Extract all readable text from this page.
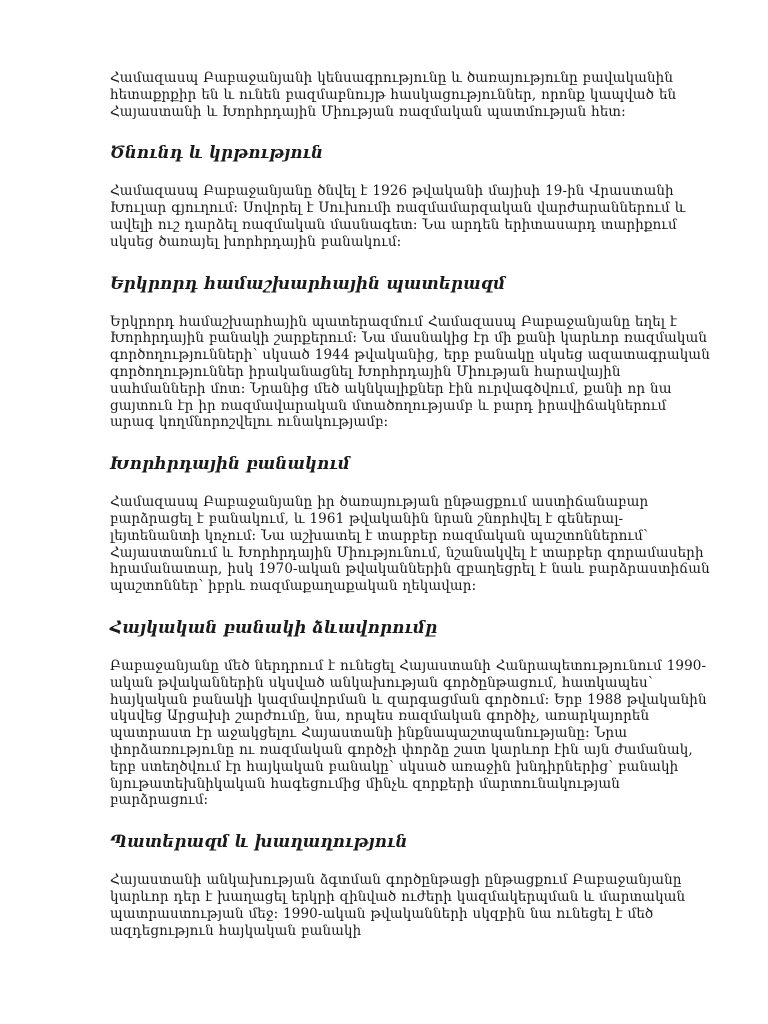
Համազասպ Բաբաջանյանի կենսագրությունը և ծառայությունը բավականին հետաքրքիր են և ունեն բազմաբնույթ հասկացություններ, որոնք կապված են Հայաստանի և Խորհրդային Միության ռազմական պատմության հետ:

Ծնունդ և կրթություն

Համազասպ Բաբաջանյանը ծնվել է 1926 թվականի մայիսի 19-ին Վրաստանի Խուլար գյուղում: Սովորել է Սուխումի ռազմամարզական վարժարաններում և ավելի ուշ դարձել ռազմական մասնագետ: Նա արդեն երիտասարդ տարիքում սկսեց ծառայել խորհրդային բանակում:

Երկրորդ համաշխարհային պատերազմ

Երկրորդ համաշխարհային պատերազմում Համազասպ Բաբաջանյանը եղել է Խորհրդային բանակի շարքերում: Նա մասնակից էր մի քանի կարևոր ռազմական գործողությունների՝ սկսած 1944 թվականից, երբ բանակը սկսեց ազատագրական գործողություններ իրականացնել Խորհրդային Միության հարավային սահմանների մոտ: Նրանից մեծ ակնկալիքներ էին ուրվագծվում, քանի որ նա ցայտուն էր իր ռազմավարական մտածողությամբ և բարդ իրավիճակներում արագ կողմնորոշվելու ունակությամբ:

Խորհրդային բանակում

Համազասպ Բաբաջանյանը իր ծառայության ընթացքում աստիճանաբար բարձրացել է բանակում, և 1961 թվականին նրան շնորհվել է գեներալ-լեյտենանտի կոչում: Նա աշխատել է տարբեր ռազմական պաշտոններում՝ Հայաստանում և Խորհրդային Միությունում, նշանակվել է տարբեր զորամասերի հրամանատար, իսկ 1970-ական թվականներին զբաղեցրել է նաև բարձրաստիճան պաշտոններ՝ իբրև ռազմաքաղաքական ղեկավար:

Հայկական բանակի ձևավորումը

Բաբաջանյանը մեծ ներդրում է ունեցել Հայաստանի Հանրապետությունում 1990-ական թվականներին սկսված անկախության գործընթացում, հատկապես՝ հայկական բանակի կազմավորման և զարգացման գործում: Երբ 1988 թվականին սկսվեց Արցախի շարժումը, նա, որպես ռազմական գործիչ, առարկայորեն պատրաստ էր աջակցելու Հայաստանի ինքնապաշտպանությանը: Նրա փորձառությունը ու ռազմական գործչի փորձը շատ կարևոր էին այն ժամանակ, երբ ստեղծվում էր հայկական բանակը՝ սկսած առաջին խնդիրներից՝ բանակի նյութատեխնիկական հագեցումից մինչև զորքերի մարտունակության բարձրացում:

Պատերազմ և խաղաղություն

Հայաստանի անկախության ձգտման գործընթացի ընթացքում Բաբաջանյանը կարևոր դեր է խաղացել երկրի զինված ուժերի կազմակերպման և մարտական պատրաստության մեջ: 1990-ական թվականների սկզբին նա ունեցել է մեծ ազդեցություն հայկական բանակի
